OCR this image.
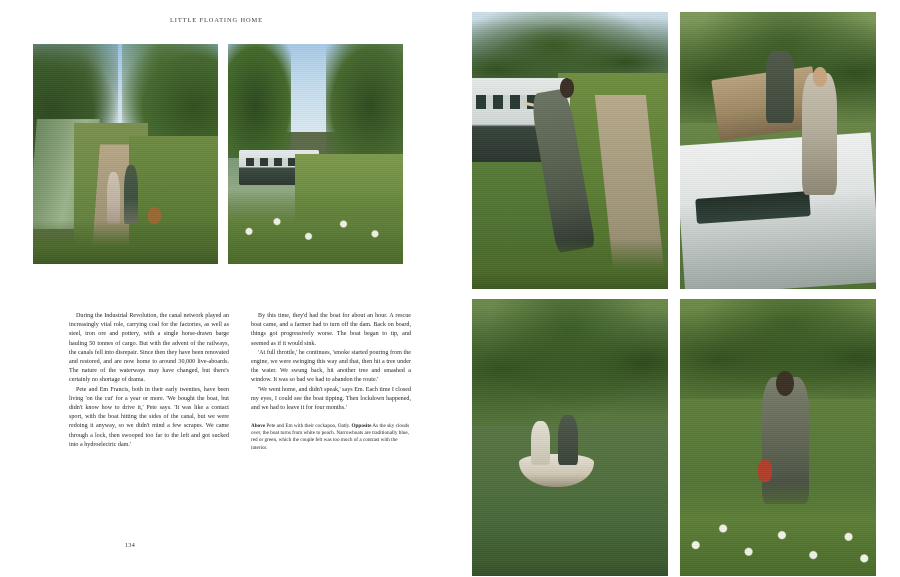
LITTLE FLOATING HOME

During the Industrial Revolution, the canal network played an increasingly vital role, carrying coal for the factories, as well as steel, iron ore and pottery, with a single horse-drawn barge hauling 50 tonnes of cargo. But with the advent of the railways, the canals fell into disrepair. Since then they have been renovated and restored, and are now home to around 30,000 live-aboards. The nature of the waterways may have changed, but there's certainly no shortage of drama.

Pete and Em Francis, both in their early twenties, have been living 'on the cut' for a year or more. 'We bought the boat, but didn't know how to drive it,' Pete says. 'It was like a contact sport, with the boat hitting the sides of the canal, but we were redoing it anyway, so we didn't mind a few scrapes. We came through a lock, then swooped too far to the left and got sucked into a hydroelectric dam.'

By this time, they'd had the boat for about an hour. A rescue boat came, and a farmer had to turn off the dam. Back on board, things got progressively worse. The boat began to tip, and seemed as if it would sink.

'At full throttle,' he continues, 'smoke started pouring from the engine, we were swinging this way and that, then hit a tree under the water. We swung back, hit another tree and smashed a window. It was so bad we had to abandon the route.'

'We went home, and didn't speak,' says Em. Each time I closed my eyes, I could see the boat tipping. Then lockdown happened, and we had to leave it for four months.'

Above Pete and Em with their cockapoo, Oatly. Opposite As the sky clouds over, the boat turns from white to peach. Narrowboats are traditionally blue, red or green, which the couple felt was too much of a contrast with the interior.
134
